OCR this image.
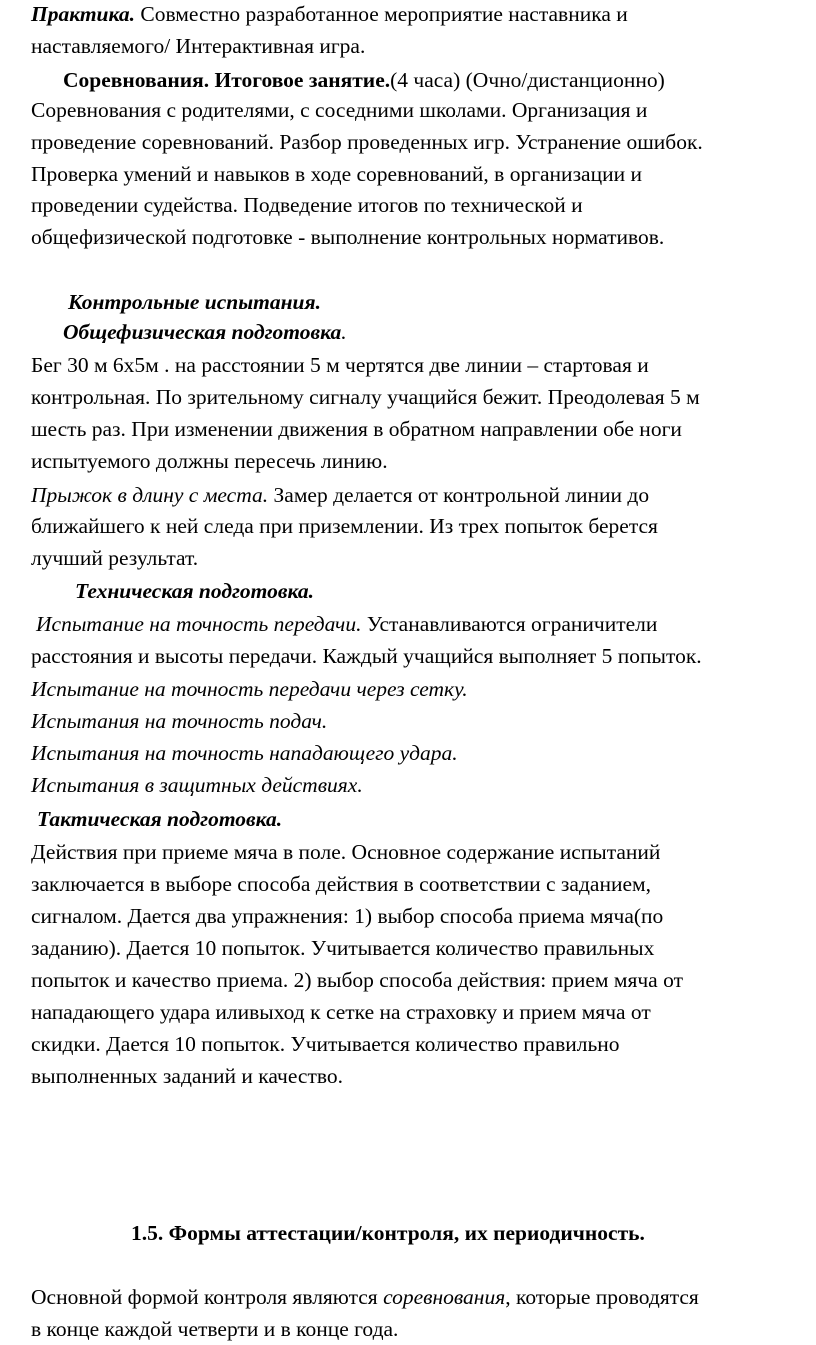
Практика. Совместно разработанное мероприятие наставника и
наставляемого/ Интерактивная игра.
Соревнования. Итоговое занятие.(4 часа) (Очно/дистанционно)
Соревнования с родителями, с соседними школами. Организация и
проведение соревнований. Разбор проведенных игр. Устранение ошибок.
Проверка умений и навыков в ходе соревнований, в организации и
проведении судейства. Подведение итогов по технической и
общефизической подготовке - выполнение контрольных нормативов.
Контрольные испытания.
Общефизическая подготовка.
Бег 30 м 6х5м . на расстоянии 5 м чертятся две линии – стартовая и
контрольная. По зрительному сигналу учащийся бежит. Преодолевая 5 м
шесть раз. При изменении движения в обратном направлении обе ноги
испытуемого должны пересечь линию.
Прыжок в длину с места. Замер делается от контрольной линии до
ближайшего к ней следа при приземлении. Из трех попыток берется
лучший результат.
Техническая подготовка.
Испытание на точность передачи. Устанавливаются ограничители
расстояния и высоты передачи. Каждый учащийся выполняет 5 попыток.
Испытание на точность передачи через сетку.
Испытания на точность подач.
Испытания на точность нападающего удара.
Испытания в защитных действиях.
Тактическая подготовка.
Действия при приеме мяча в поле. Основное содержание испытаний
заключается в выборе способа действия в соответствии с заданием,
сигналом. Дается два упражнения: 1) выбор способа приема мяча(по
заданию). Дается 10 попыток. Учитывается количество правильных
попыток и качество приема. 2) выбор способа действия: прием мяча от
нападающего удара иливыход к сетке на страховку и прием мяча от
скидки. Дается 10 попыток. Учитывается количество правильно
выполненных заданий и качество.
1.5. Формы аттестации/контроля, их периодичность.
Основной формой контроля являются соревнования, которые проводятся
в конце каждой четверти и в конце года.
